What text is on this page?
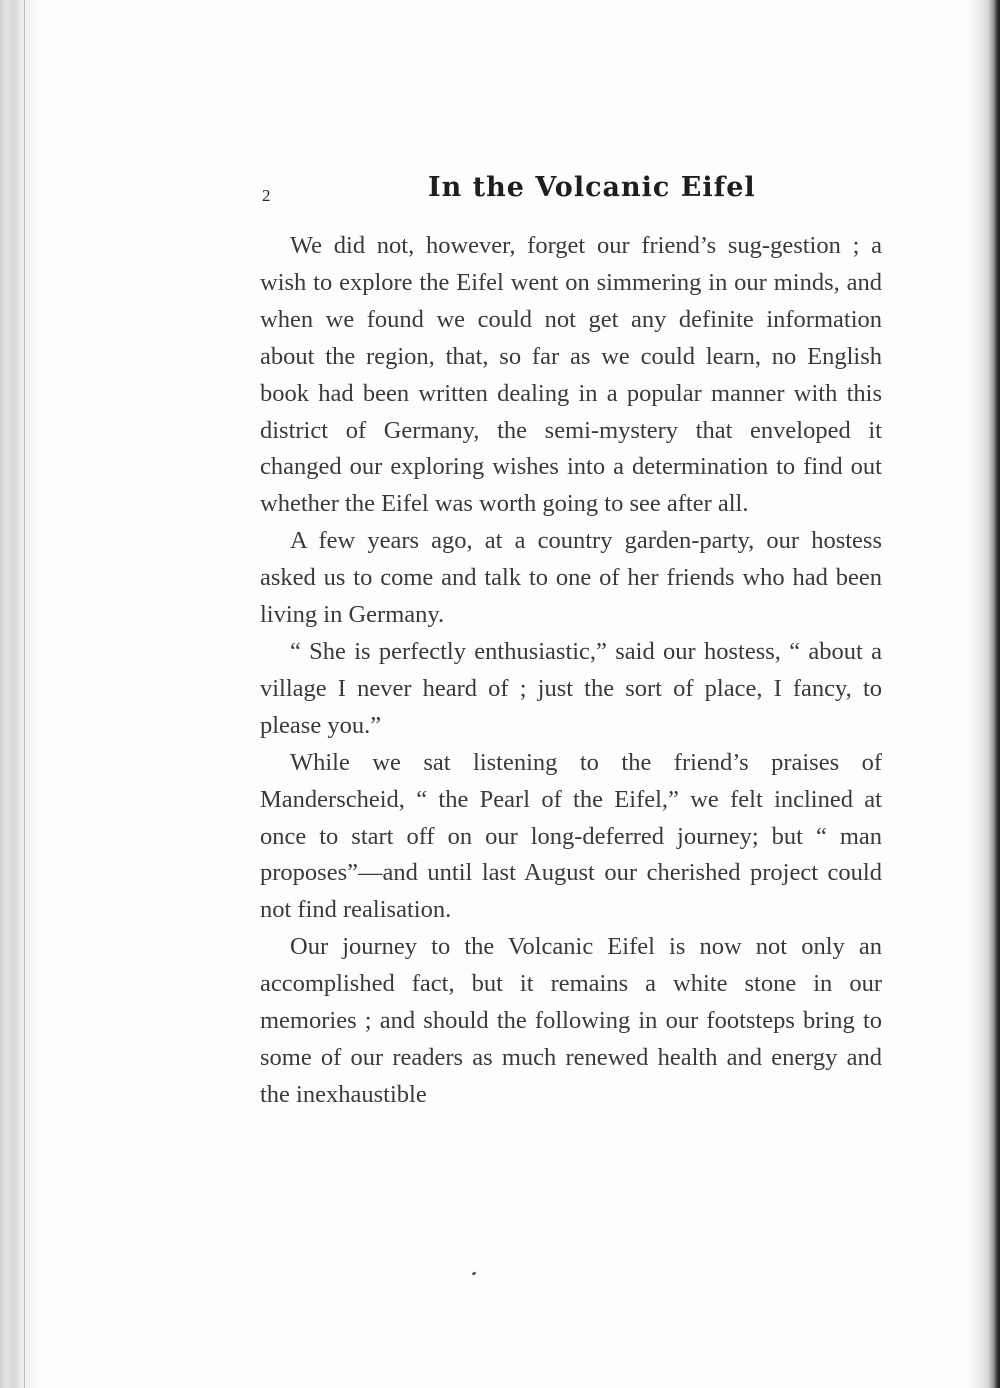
2	In the Volcanic Eifel

We did not, however, forget our friend’s sug-gestion ; a wish to explore the Eifel went on simmering in our minds, and when we found we could not get any definite information about the region, that, so far as we could learn, no English book had been written dealing in a popular manner with this district of Germany, the semi-mystery that enveloped it changed our exploring wishes into a determination to find out whether the Eifel was worth going to see after all.

A few years ago, at a country garden-party, our hostess asked us to come and talk to one of her friends who had been living in Germany.

“ She is perfectly enthusiastic,” said our hostess, “ about a village I never heard of ; just the sort of place, I fancy, to please you.”

While we sat listening to the friend’s praises of Manderscheid, “ the Pearl of the Eifel,” we felt inclined at once to start off on our long-deferred journey; but “ man proposes”—and until last August our cherished project could not find realisation.

Our journey to the Volcanic Eifel is now not only an accomplished fact, but it remains a white stone in our memories ; and should the following in our footsteps bring to some of our readers as much renewed health and energy and the inexhaustible
